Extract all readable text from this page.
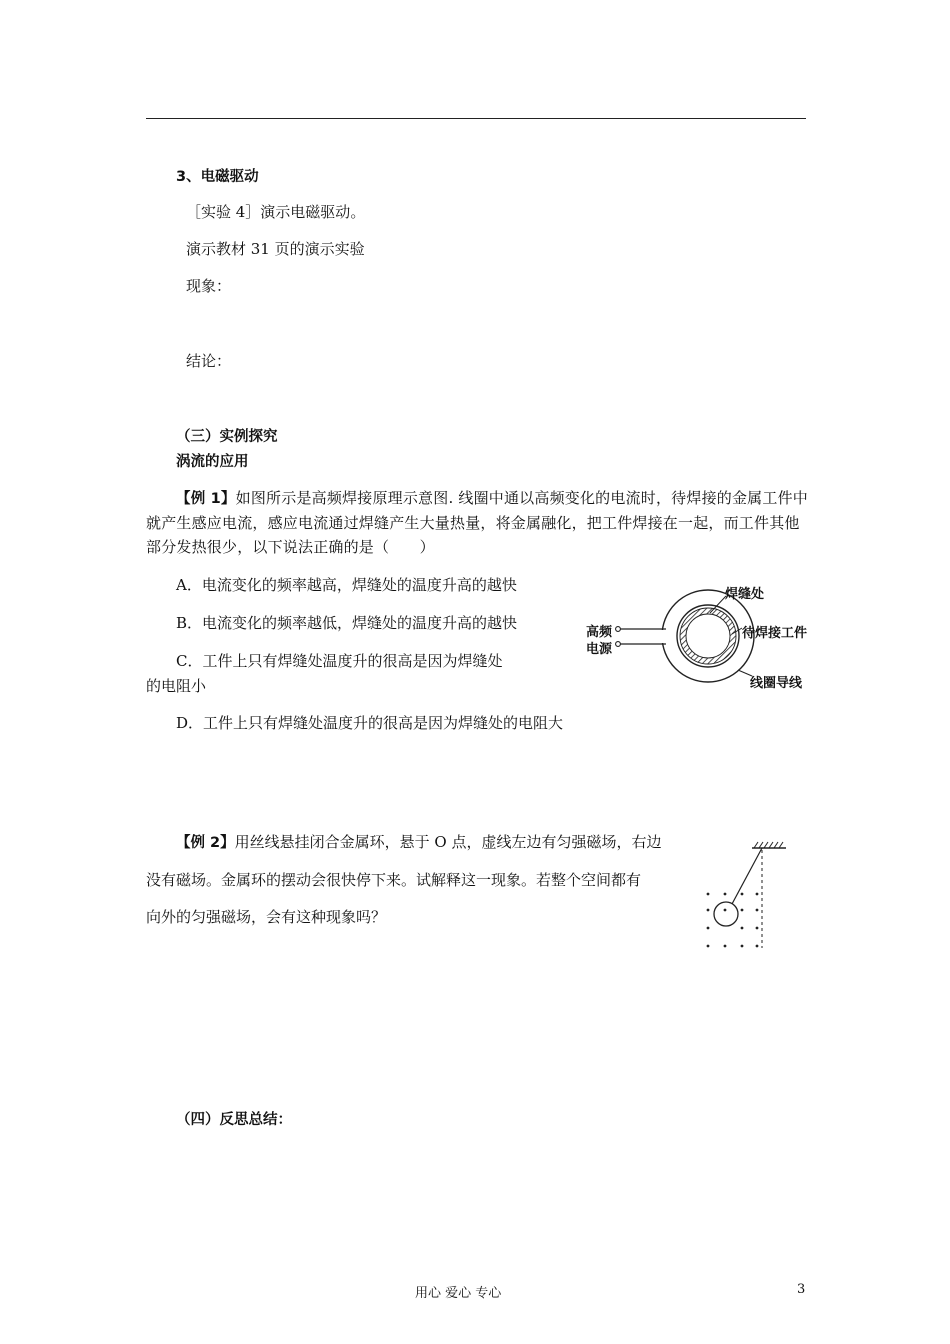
3、电磁驱动
［实验 4］演示电磁驱动。
演示教材 31 页的演示实验
现象：
结论：
（三）实例探究
涡流的应用
【例 1】如图所示是高频焊接原理示意图. 线圈中通以高频变化的电流时，待焊接的金属工件中就产生感应电流，感应电流通过焊缝产生大量热量，将金属融化，把工件焊接在一起，而工件其他部分发热很少，以下说法正确的是（　　）
A．电流变化的频率越高，焊缝处的温度升高的越快
B．电流变化的频率越低，焊缝处的温度升高的越快
C．工件上只有焊缝处温度升的很高是因为焊缝处
的电阻小
D．工件上只有焊缝处温度升的很高是因为焊缝处的电阻大
焊缝处
待焊接工件
高频
电源
线圈导线
【例 2】用丝线悬挂闭合金属环，悬于 O 点，虚线左边有匀强磁场，右边
没有磁场。金属环的摆动会很快停下来。试解释这一现象。若整个空间都有
向外的匀强磁场，会有这种现象吗？
（四）反思总结：
用心 爱心 专心	3
